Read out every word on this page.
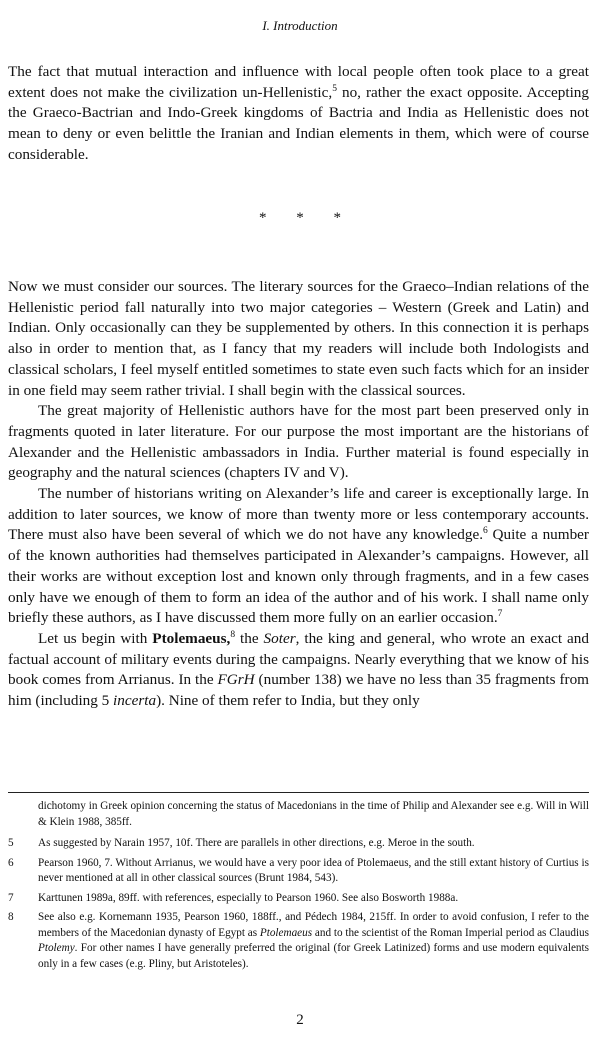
I. Introduction

The fact that mutual interaction and influence with local people often took place to a great extent does not make the civilization un-Hellenistic,$^5$ no, rather the exact opposite. Accepting the Graeco-Bactrian and Indo-Greek kingdoms of Bactria and India as Hellenistic does not mean to deny or even belittle the Iranian and Indian elements in them, which were of course considerable.

* * *

Now we must consider our sources. The literary sources for the Graeco–Indian relations of the Hellenistic period fall naturally into two major categories – Western (Greek and Latin) and Indian. Only occasionally can they be supplemented by others. In this connection it is perhaps also in order to mention that, as I fancy that my readers will include both Indologists and classical scholars, I feel myself entitled sometimes to state even such facts which for an insider in one field may seem rather trivial. I shall begin with the classical sources.

The great majority of Hellenistic authors have for the most part been preserved only in fragments quoted in later literature. For our purpose the most important are the historians of Alexander and the Hellenistic ambassadors in India. Further material is found especially in geography and the natural sciences (chapters IV and V).

The number of historians writing on Alexander’s life and career is exceptionally large. In addition to later sources, we know of more than twenty more or less contemporary accounts. There must also have been several of which we do not have any knowledge.$^6$ Quite a number of the known authorities had themselves participated in Alexander’s campaigns. However, all their works are without exception lost and known only through fragments, and in a few cases only have we enough of them to form an idea of the author and of his work. I shall name only briefly these authors, as I have discussed them more fully on an earlier occasion.$^7$

Let us begin with Ptolemaeus,$^8$ the Soter, the king and general, who wrote an exact and factual account of military events during the campaigns. Nearly everything that we know of his book comes from Arrianus. In the FGrH (number 138) we have no less than 35 fragments from him (including 5 incerta). Nine of them refer to India, but they only

dichotomy in Greek opinion concerning the status of Macedonians in the time of Philip and Alexander see e.g. Will in Will & Klein 1988, 385ff.
5 As suggested by Narain 1957, 10f. There are parallels in other directions, e.g. Meroe in the south.
6 Pearson 1960, 7. Without Arrianus, we would have a very poor idea of Ptolemaeus, and the still extant history of Curtius is never mentioned at all in other classical sources (Brunt 1984, 543).
7 Karttunen 1989a, 89ff. with references, especially to Pearson 1960. See also Bosworth 1988a.
8 See also e.g. Kornemann 1935, Pearson 1960, 188ff., and Pédech 1984, 215ff. In order to avoid confusion, I refer to the members of the Macedonian dynasty of Egypt as Ptolemaeus and to the scientist of the Roman Imperial period as Claudius Ptolemy. For other names I have generally preferred the original (for Greek Latinized) forms and use modern equivalents only in a few cases (e.g. Pliny, but Aristoteles).
2
